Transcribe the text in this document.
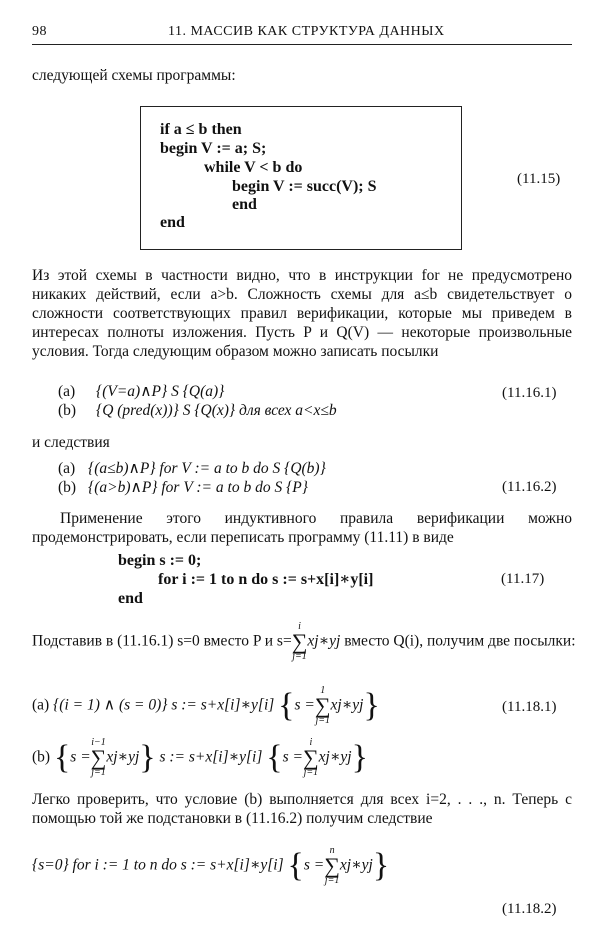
98	11. МАССИВ КАК СТРУКТУРА ДАННЫХ
следующей схемы программы:
if a ≤ b then
begin V := a; S;
while V < b do
begin V := succ(V); S
end
end
(11.15)
Из этой схемы в частности видно, что в инструкции for не предусмотрено никаких действий, если a>b. Сложность схемы для a≤b свидетельствует о сложности соответствующих правил верификации, которые мы приведем в интересах полноты изложения. Пусть P и Q(V) — некоторые произвольные условия. Тогда следующим образом можно записать посылки
(a) {(V=a)∧P} S {Q(a)}
(b) {Q (pred(x))} S {Q(x)} для всех a<x≤b
(11.16.1)
и следствия
(a) {(a≤b)∧P} for V := a to b do S {Q(b)}
(b) {(a>b)∧P} for V := a to b do S {P}	(11.16.2)
Применение этого индуктивного правила верификации можно продемонстрировать, если переписать программу (11.11) в виде
begin s := 0;
for i := 1 to n do s := s+x[i]∗y[i]
end
(11.17)
Подставив в (11.16.1) s=0 вместо P и s=
i
∑
j=1
xj∗yj вместо Q(i), получим две посылки:
(a) {(i = 1) ∧ (s = 0)} s := s+x[i]∗y[i] {s =
1
∑
j=1
xj∗yj}	(11.18.1)
(b) {s =
i−1
∑
j=1
xj∗yj} s := s+x[i]∗y[i] {s =
i
∑
j=1
xj∗yj}
Легко проверить, что условие (b) выполняется для всех i=2, . . ., n. Теперь с помощью той же подстановки в (11.16.2) получим следствие
{s=0} for i := 1 to n do s := s+x[i]∗y[i] {s =
n
∑
j=1
xj∗yj}
(11.18.2)
